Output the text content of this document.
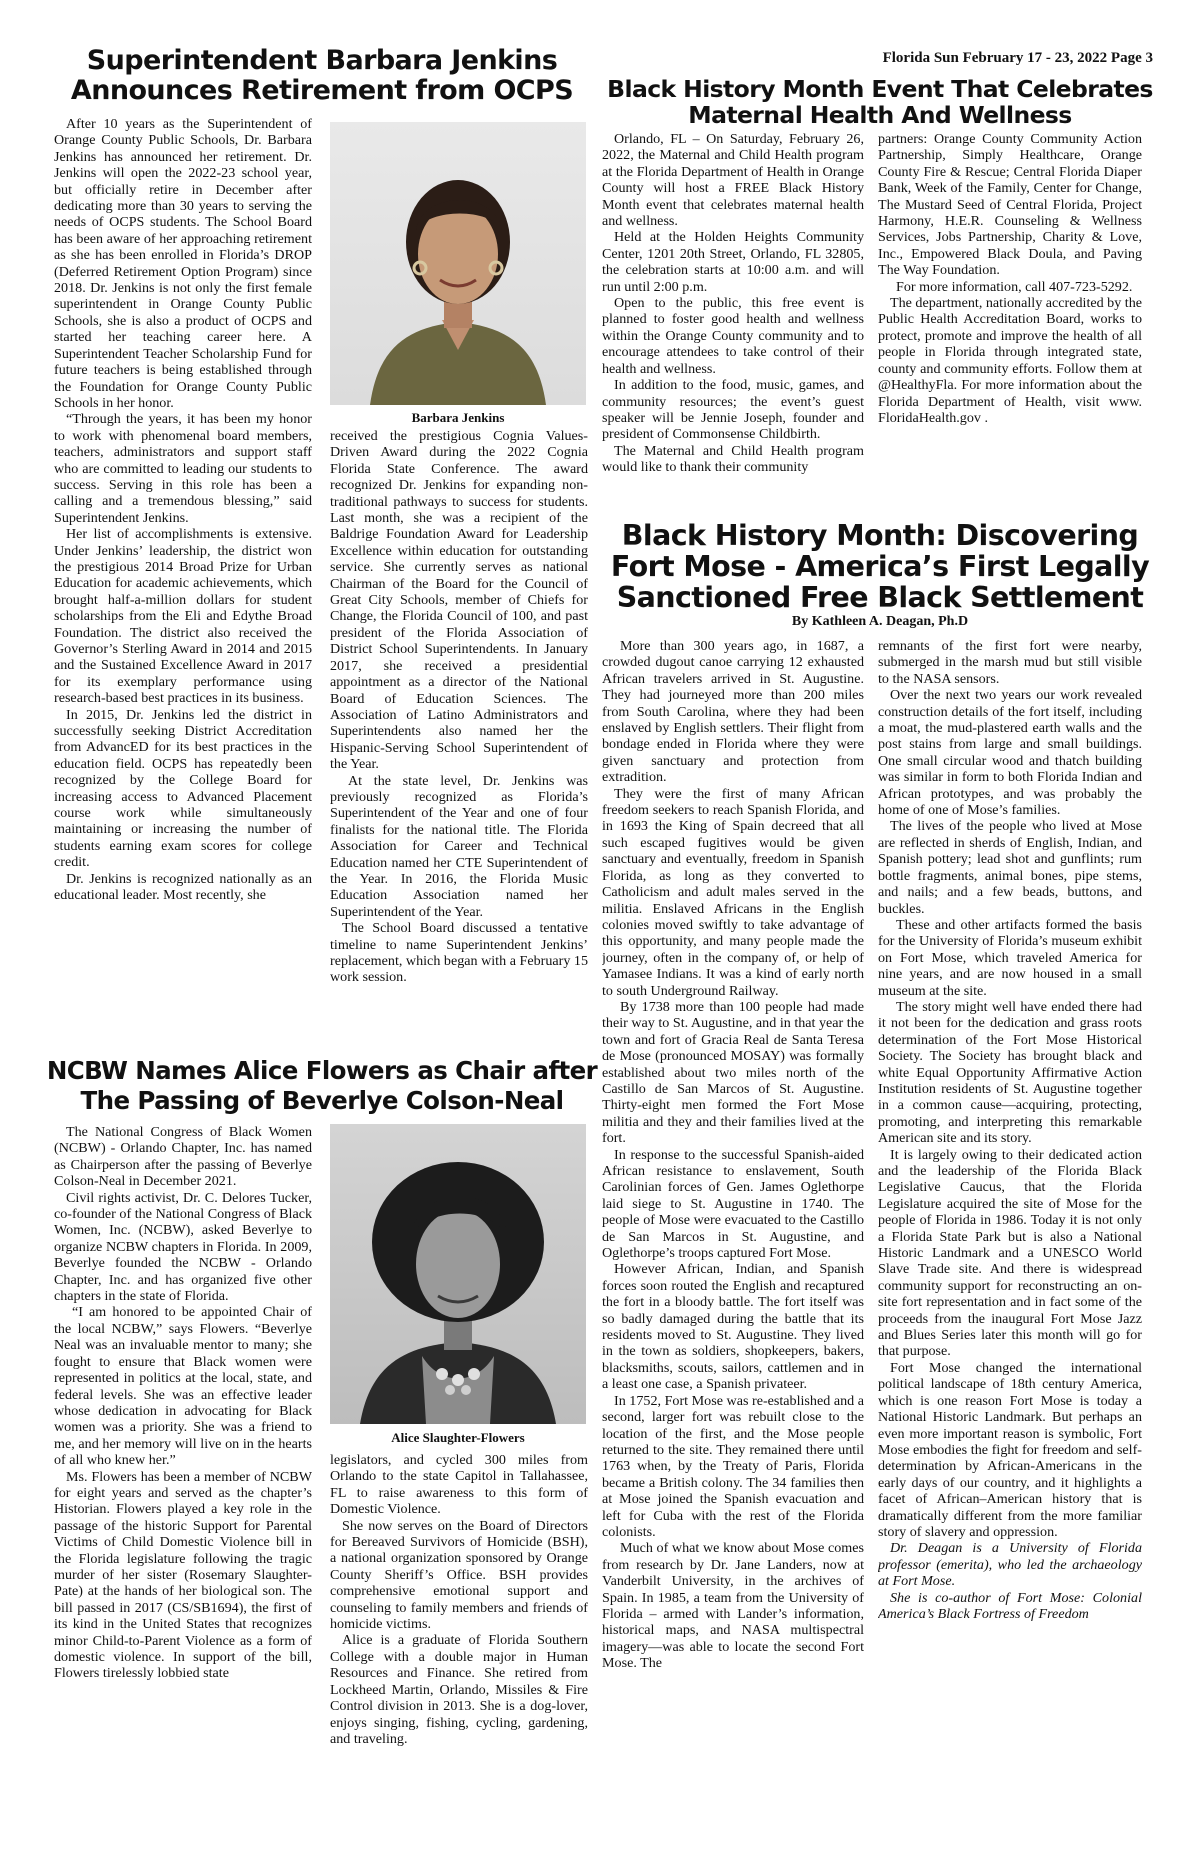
Florida Sun February 17 - 23, 2022 Page 3
Superintendent Barbara Jenkins
Announces Retirement from OCPS

After 10 years as the Superintendent of Orange County Public Schools, Dr. Barbara Jenkins has announced her retirement. Dr. Jenkins will open the 2022-23 school year, but officially retire in December after dedicating more than 30 years to serving the needs of OCPS students. The School Board has been aware of her approaching retirement as she has been enrolled in Florida’s DROP (Deferred Retirement Option Program) since 2018. Dr. Jenkins is not only the first female superintendent in Orange County Public Schools, she is also a product of OCPS and started her teaching career here. A Superintendent Teacher Scholarship Fund for future teachers is being established through the Foundation for Orange County Public Schools in her honor.

“Through the years, it has been my honor to work with phenomenal board members, teachers, administrators and support staff who are committed to leading our students to success. Serving in this role has been a calling and a tremendous blessing,” said Superintendent Jenkins.

Her list of accomplishments is extensive. Under Jenkins’ leadership, the district won the prestigious 2014 Broad Prize for Urban Education for academic achievements, which brought half-a-million dollars for student scholarships from the Eli and Edythe Broad Foundation. The district also received the Governor’s Sterling Award in 2014 and 2015 and the Sustained Excellence Award in 2017 for its exemplary performance using research-based best practices in its business.

In 2015, Dr. Jenkins led the district in successfully seeking District Accreditation from AdvancED for its best practices in the education field. OCPS has repeatedly been recognized by the College Board for increasing access to Advanced Placement course work while simultaneously maintaining or increasing the number of students earning exam scores for college credit.

Dr. Jenkins is recognized nationally as an educational leader. Most recently, she

Barbara Jenkins

received the prestigious Cognia Values-Driven Award during the 2022 Cognia Florida State Conference. The award recognized Dr. Jenkins for expanding non-traditional pathways to success for students. Last month, she was a recipient of the Baldrige Foundation Award for Leadership Excellence within education for outstanding service. She currently serves as national Chairman of the Board for the Council of Great City Schools, member of Chiefs for Change, the Florida Council of 100, and past president of the Florida Association of District School Superintendents. In January 2017, she received a presidential appointment as a director of the National Board of Education Sciences. The Association of Latino Administrators and Superintendents also named her the Hispanic-Serving School Superintendent of the Year.

At the state level, Dr. Jenkins was previously recognized as Florida’s Superintendent of the Year and one of four finalists for the national title. The Florida Association for Career and Technical Education named her CTE Superintendent of the Year. In 2016, the Florida Music Education Association named her Superintendent of the Year.

The School Board discussed a tentative timeline to name Superintendent Jenkins’ replacement, which began with a February 15 work session.

Black History Month Event That Celebrates
Maternal Health And Wellness

Orlando, FL – On Saturday, February 26, 2022, the Maternal and Child Health program at the Florida Department of Health in Orange County will host a FREE Black History Month event that celebrates maternal health and wellness.

Held at the Holden Heights Community Center, 1201 20th Street, Orlando, FL 32805, the celebration starts at 10:00 a.m. and will run until 2:00 p.m.

Open to the public, this free event is planned to foster good health and wellness within the Orange County community and to encourage attendees to take control of their health and wellness.

In addition to the food, music, games, and community resources; the event’s guest speaker will be Jennie Joseph, founder and president of Commonsense Childbirth.

The Maternal and Child Health program would like to thank their community

partners: Orange County Community Action Partnership, Simply Healthcare, Orange County Fire & Rescue; Central Florida Diaper Bank, Week of the Family, Center for Change, The Mustard Seed of Central Florida, Project Harmony, H.E.R. Counseling & Wellness Services, Jobs Partnership, Charity & Love, Inc., Empowered Black Doula, and Paving The Way Foundation.

For more information, call 407-723-5292.

The department, nationally accredited by the Public Health Accreditation Board, works to protect, promote and improve the health of all people in Florida through integrated state, county and community efforts. Follow them at @HealthyFla. For more information about the Florida Department of Health, visit www. FloridaHealth.gov .

Black History Month: Discovering
Fort Mose - America’s First Legally
Sanctioned Free Black Settlement
By Kathleen A. Deagan, Ph.D

More than 300 years ago, in 1687, a crowded dugout canoe carrying 12 exhausted African travelers arrived in St. Augustine. They had journeyed more than 200 miles from South Carolina, where they had been enslaved by English settlers. Their flight from bondage ended in Florida where they were given sanctuary and protection from extradition.

They were the first of many African freedom seekers to reach Spanish Florida, and in 1693 the King of Spain decreed that all such escaped fugitives would be given sanctuary and eventually, freedom in Spanish Florida, as long as they converted to Catholicism and adult males served in the militia. Enslaved Africans in the English colonies moved swiftly to take advantage of this opportunity, and many people made the journey, often in the company of, or help of Yamasee Indians. It was a kind of early north to south Underground Railway.

By 1738 more than 100 people had made their way to St. Augustine, and in that year the town and fort of Gracia Real de Santa Teresa de Mose (pronounced MOSAY) was formally established about two miles north of the Castillo de San Marcos of St. Augustine. Thirty-eight men formed the Fort Mose militia and they and their families lived at the fort.

In response to the successful Spanish-aided African resistance to enslavement, South Carolinian forces of Gen. James Oglethorpe laid siege to St. Augustine in 1740. The people of Mose were evacuated to the Castillo de San Marcos in St. Augustine, and Oglethorpe’s troops captured Fort Mose.

However African, Indian, and Spanish forces soon routed the English and recaptured the fort in a bloody battle. The fort itself was so badly damaged during the battle that its residents moved to St. Augustine. They lived in the town as soldiers, shopkeepers, bakers, blacksmiths, scouts, sailors, cattlemen and in a least one case, a Spanish privateer.

In 1752, Fort Mose was re-established and a second, larger fort was rebuilt close to the location of the first, and the Mose people returned to the site. They remained there until 1763 when, by the Treaty of Paris, Florida became a British colony. The 34 families then at Mose joined the Spanish evacuation and left for Cuba with the rest of the Florida colonists.

Much of what we know about Mose comes from research by Dr. Jane Landers, now at Vanderbilt University, in the archives of Spain. In 1985, a team from the University of Florida – armed with Lander’s information, historical maps, and NASA multispectral imagery—was able to locate the second Fort Mose. The

remnants of the first fort were nearby, submerged in the marsh mud but still visible to the NASA sensors.

Over the next two years our work revealed construction details of the fort itself, including a moat, the mud-plastered earth walls and the post stains from large and small buildings. One small circular wood and thatch building was similar in form to both Florida Indian and African prototypes, and was probably the home of one of Mose’s families.

The lives of the people who lived at Mose are reflected in sherds of English, Indian, and Spanish pottery; lead shot and gunflints; rum bottle fragments, animal bones, pipe stems, and nails; and a few beads, buttons, and buckles.

These and other artifacts formed the basis for the University of Florida’s museum exhibit on Fort Mose, which traveled America for nine years, and are now housed in a small museum at the site.

The story might well have ended there had it not been for the dedication and grass roots determination of the Fort Mose Historical Society. The Society has brought black and white Equal Opportunity Affirmative Action Institution residents of St. Augustine together in a common cause—acquiring, protecting, promoting, and interpreting this remarkable American site and its story.

It is largely owing to their dedicated action and the leadership of the Florida Black Legislative Caucus, that the Florida Legislature acquired the site of Mose for the people of Florida in 1986. Today it is not only a Florida State Park but is also a National Historic Landmark and a UNESCO World Slave Trade site. And there is widespread community support for reconstructing an on-site fort representation and in fact some of the proceeds from the inaugural Fort Mose Jazz and Blues Series later this month will go for that purpose.

Fort Mose changed the international political landscape of 18th century America, which is one reason Fort Mose is today a National Historic Landmark. But perhaps an even more important reason is symbolic, Fort Mose embodies the fight for freedom and self-determination by African-Americans in the early days of our country, and it highlights a facet of African–American history that is dramatically different from the more familiar story of slavery and oppression.

Dr. Deagan is a University of Florida professor (emerita), who led the archaeology at Fort Mose.

She is co-author of Fort Mose: Colonial America’s Black Fortress of Freedom

NCBW Names Alice Flowers as Chair after
The Passing of Beverlye Colson-Neal

The National Congress of Black Women (NCBW) - Orlando Chapter, Inc. has named as Chairperson after the passing of Beverlye Colson-Neal in December 2021.

Civil rights activist, Dr. C. Delores Tucker, co-founder of the National Congress of Black Women, Inc. (NCBW), asked Beverlye to organize NCBW chapters in Florida. In 2009, Beverlye founded the NCBW - Orlando Chapter, Inc. and has organized five other chapters in the state of Florida.

“I am honored to be appointed Chair of the local NCBW,” says Flowers. “Beverlye Neal was an invaluable mentor to many; she fought to ensure that Black women were represented in politics at the local, state, and federal levels. She was an effective leader whose dedication in advocating for Black women was a priority. She was a friend to me, and her memory will live on in the hearts of all who knew her.”

Ms. Flowers has been a member of NCBW for eight years and served as the chapter’s Historian. Flowers played a key role in the passage of the historic Support for Parental Victims of Child Domestic Violence bill in the Florida legislature following the tragic murder of her sister (Rosemary Slaughter-Pate) at the hands of her biological son. The bill passed in 2017 (CS/SB1694), the first of its kind in the United States that recognizes minor Child-to-Parent Violence as a form of domestic violence. In support of the bill, Flowers tirelessly lobbied state

Alice Slaughter-Flowers

legislators, and cycled 300 miles from Orlando to the state Capitol in Tallahassee, FL to raise awareness to this form of Domestic Violence.

She now serves on the Board of Directors for Bereaved Survivors of Homicide (BSH), a national organization sponsored by Orange County Sheriff’s Office. BSH provides comprehensive emotional support and counseling to family members and friends of homicide victims.

Alice is a graduate of Florida Southern College with a double major in Human Resources and Finance. She retired from Lockheed Martin, Orlando, Missiles & Fire Control division in 2013. She is a dog-lover, enjoys singing, fishing, cycling, gardening, and traveling.
